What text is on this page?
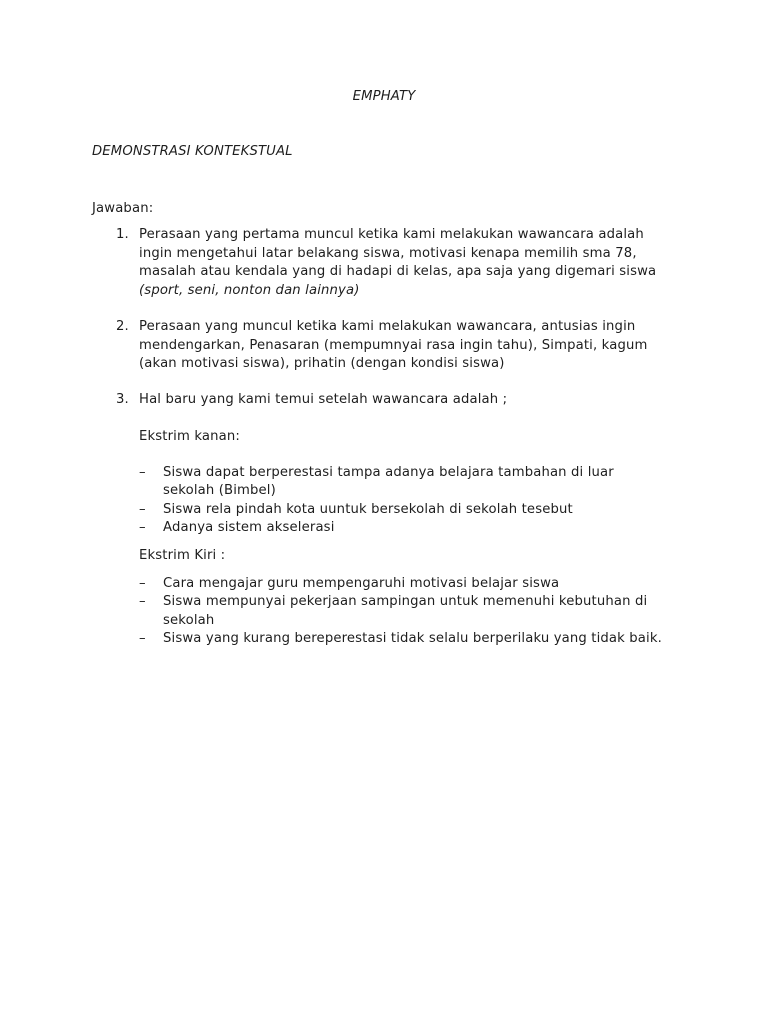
EMPHATY
DEMONSTRASI KONTEKSTUAL
Jawaban:
1. Perasaan yang pertama muncul ketika kami melakukan wawancara adalah
ingin mengetahui latar belakang siswa, motivasi kenapa memilih sma 78,
masalah atau kendala yang di hadapi di kelas, apa saja yang digemari siswa
(sport, seni, nonton dan lainnya)
2. Perasaan yang muncul ketika kami melakukan wawancara, antusias ingin
mendengarkan, Penasaran (mempumnyai rasa ingin tahu), Simpati, kagum
(akan motivasi siswa), prihatin (dengan kondisi siswa)
3. Hal baru yang kami temui setelah wawancara adalah ;
Ekstrim kanan:
– Siswa dapat berperestasi tampa adanya belajara tambahan di luar
sekolah (Bimbel)
– Siswa rela pindah kota uuntuk bersekolah di sekolah tesebut
– Adanya sistem akselerasi
Ekstrim Kiri :
– Cara mengajar guru mempengaruhi motivasi belajar siswa
– Siswa mempunyai pekerjaan sampingan untuk memenuhi kebutuhan di
sekolah
– Siswa yang kurang bereperestasi tidak selalu berperilaku yang tidak baik.
